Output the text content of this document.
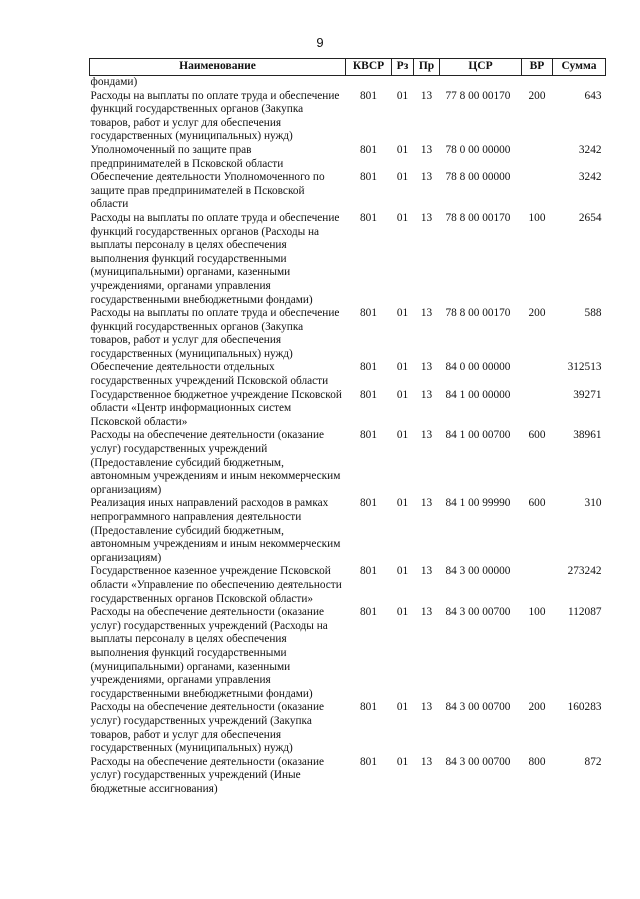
9
Наименование	КВСР	Рз	Пр	ЦСР	ВР	Сумма
фондами)						
Расходы на выплаты по оплате труда и обеспечение функций государственных органов (Закупка товаров, работ и услуг для обеспечения государственных (муниципальных) нужд)	801	01	13	77 8 00 00170	200	643
Уполномоченный по защите прав предпринимателей в Псковской области	801	01	13	78 0 00 00000		3242
Обеспечение деятельности Уполномоченного по защите прав предпринимателей в Псковской области	801	01	13	78 8 00 00000		3242
Расходы на выплаты по оплате труда и обеспечение функций государственных органов (Расходы на выплаты персоналу в целях обеспечения выполнения функций государственными (муниципальными) органами, казенными учреждениями, органами управления государственными внебюджетными фондами)	801	01	13	78 8 00 00170	100	2654
Расходы на выплаты по оплате труда и обеспечение функций государственных органов (Закупка товаров, работ и услуг для обеспечения государственных (муниципальных) нужд)	801	01	13	78 8 00 00170	200	588
Обеспечение деятельности отдельных государственных учреждений Псковской области	801	01	13	84 0 00 00000		312513
Государственное бюджетное учреждение Псковской области «Центр информационных систем Псковской области»	801	01	13	84 1 00 00000		39271
Расходы на обеспечение деятельности (оказание услуг) государственных учреждений (Предоставление субсидий бюджетным, автономным учреждениям и иным некоммерческим организациям)	801	01	13	84 1 00 00700	600	38961
Реализация иных направлений расходов в рамках непрограммного направления деятельности (Предоставление субсидий бюджетным, автономным учреждениям и иным некоммерческим организациям)	801	01	13	84 1 00 99990	600	310
Государственное казенное учреждение Псковской области «Управление по обеспечению деятельности государственных органов Псковской области»	801	01	13	84 3 00 00000		273242
Расходы на обеспечение деятельности (оказание услуг) государственных учреждений (Расходы на выплаты персоналу в целях обеспечения выполнения функций государственными (муниципальными) органами, казенными учреждениями, органами управления государственными внебюджетными фондами)	801	01	13	84 3 00 00700	100	112087
Расходы на обеспечение деятельности (оказание услуг) государственных учреждений (Закупка товаров, работ и услуг для обеспечения государственных (муниципальных) нужд)	801	01	13	84 3 00 00700	200	160283
Расходы на обеспечение деятельности (оказание услуг) государственных учреждений (Иные бюджетные ассигнования)	801	01	13	84 3 00 00700	800	872
